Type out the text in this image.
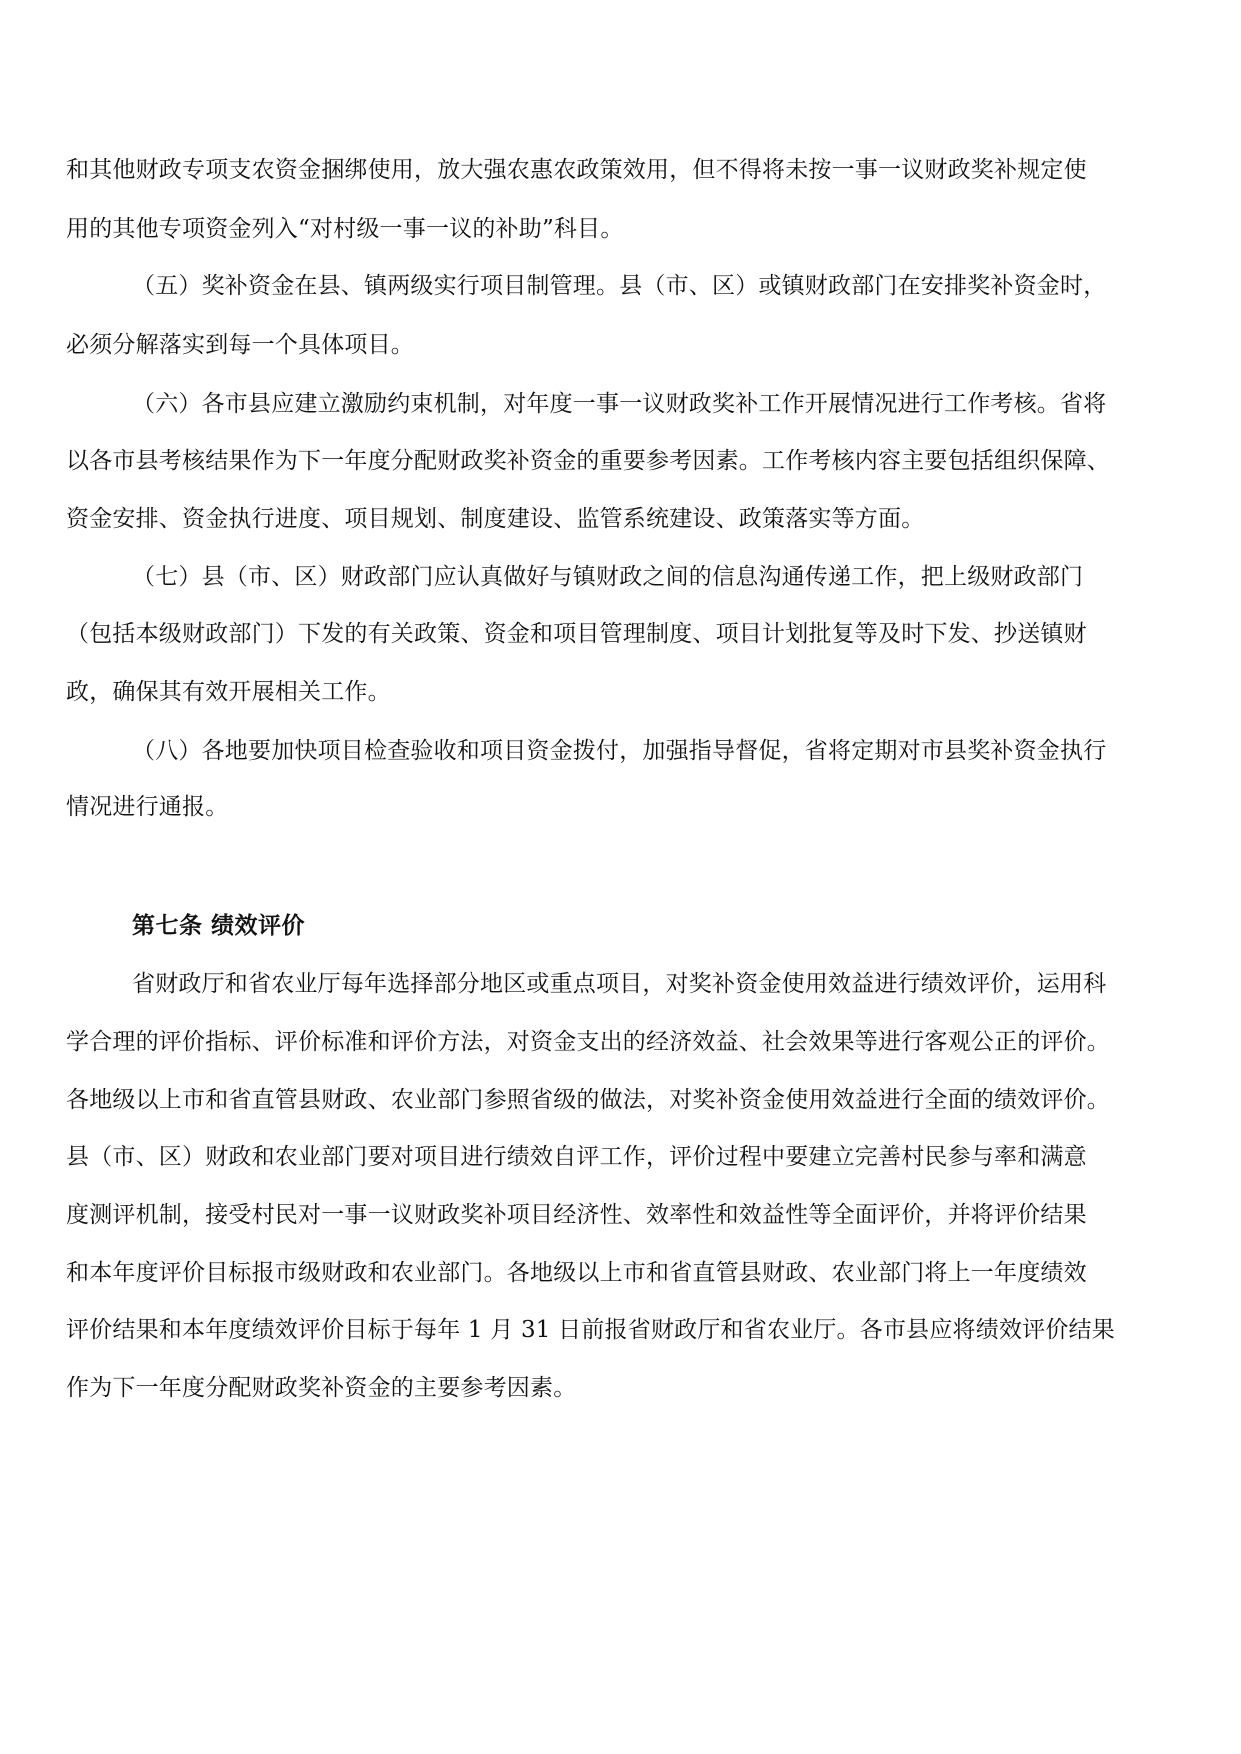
和其他财政专项支农资金捆绑使用，放大强农惠农政策效用，但不得将未按一事一议财政奖补规定使
用的其他专项资金列入“对村级一事一议的补助”科目。
（五）奖补资金在县、镇两级实行项目制管理。县（市、区）或镇财政部门在安排奖补资金时，
必须分解落实到每一个具体项目。
（六）各市县应建立激励约束机制，对年度一事一议财政奖补工作开展情况进行工作考核。省将
以各市县考核结果作为下一年度分配财政奖补资金的重要参考因素。工作考核内容主要包括组织保障、
资金安排、资金执行进度、项目规划、制度建设、监管系统建设、政策落实等方面。
（七）县（市、区）财政部门应认真做好与镇财政之间的信息沟通传递工作，把上级财政部门
（包括本级财政部门）下发的有关政策、资金和项目管理制度、项目计划批复等及时下发、抄送镇财
政，确保其有效开展相关工作。
（八）各地要加快项目检查验收和项目资金拨付，加强指导督促，省将定期对市县奖补资金执行
情况进行通报。
第七条 绩效评价
省财政厅和省农业厅每年选择部分地区或重点项目，对奖补资金使用效益进行绩效评价，运用科
学合理的评价指标、评价标准和评价方法，对资金支出的经济效益、社会效果等进行客观公正的评价。
各地级以上市和省直管县财政、农业部门参照省级的做法，对奖补资金使用效益进行全面的绩效评价。
县（市、区）财政和农业部门要对项目进行绩效自评工作，评价过程中要建立完善村民参与率和满意
度测评机制，接受村民对一事一议财政奖补项目经济性、效率性和效益性等全面评价，并将评价结果
和本年度评价目标报市级财政和农业部门。各地级以上市和省直管县财政、农业部门将上一年度绩效
评价结果和本年度绩效评价目标于每年 1 月 31 日前报省财政厅和省农业厅。各市县应将绩效评价结果
作为下一年度分配财政奖补资金的主要参考因素。
